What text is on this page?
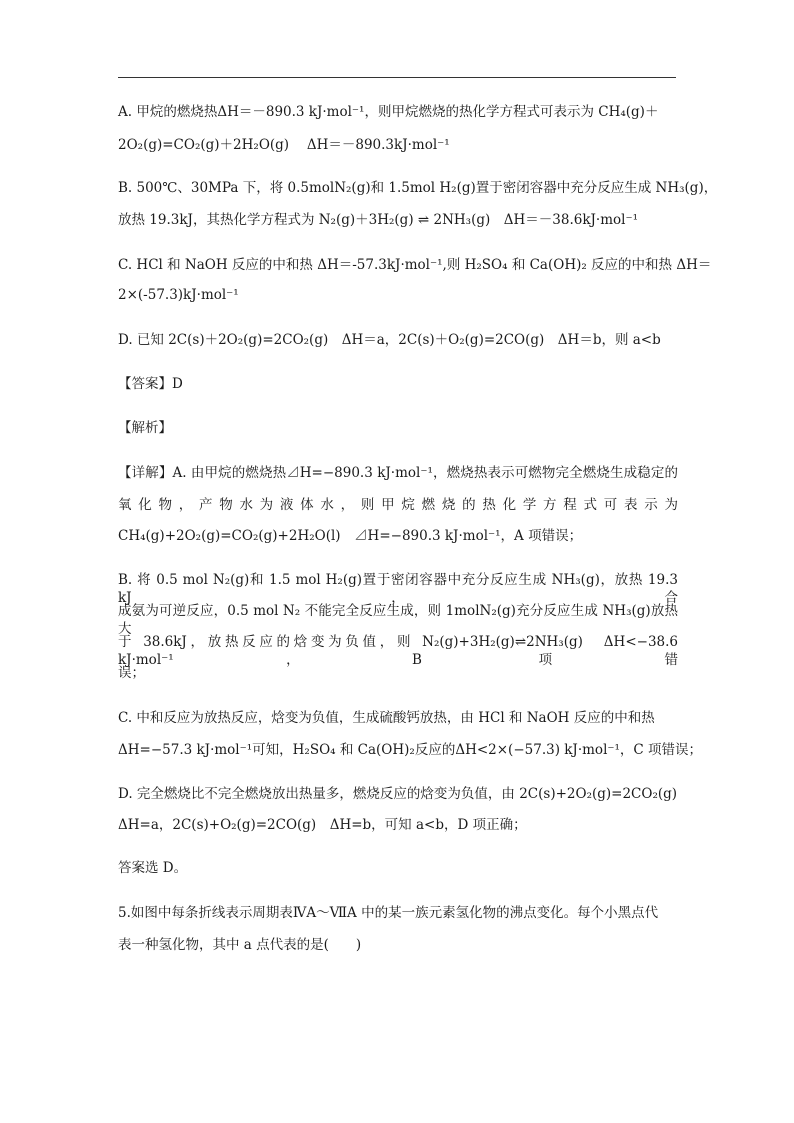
A. 甲烷的燃烧热ΔH＝－890.3 kJ·mol⁻¹，则甲烷燃烧的热化学方程式可表示为 CH₄(g)＋
2O₂(g)=CO₂(g)＋2H₂O(g)　 ΔH＝－890.3kJ·mol⁻¹
B. 500℃、30MPa 下，将 0.5molN₂(g)和 1.5mol H₂(g)置于密闭容器中充分反应生成 NH₃(g)，
放热 19.3kJ，其热化学方程式为 N₂(g)＋3H₂(g) ⇌ 2NH₃(g)　ΔH＝－38.6kJ·mol⁻¹
C. HCl 和 NaOH 反应的中和热 ΔH＝-57.3kJ·mol⁻¹,则 H₂SO₄ 和 Ca(OH)₂ 反应的中和热 ΔH＝
2×(-57.3)kJ·mol⁻¹
D. 已知 2C(s)＋2O₂(g)=2CO₂(g)　ΔH＝a，2C(s)＋O₂(g)=2CO(g)　ΔH＝b，则 a<b
【答案】D
【解析】
【详解】A. 由甲烷的燃烧热⊿H=−890.3 kJ·mol⁻¹，燃烧热表示可燃物完全燃烧生成稳定的
氧化物，产物水为液体水，则甲烷燃烧的热化学方程式可表示为
CH₄(g)+2O₂(g)=CO₂(g)+2H₂O(l)　⊿H=−890.3 kJ·mol⁻¹，A 项错误；
B. 将 0.5 mol N₂(g)和 1.5 mol H₂(g)置于密闭容器中充分反应生成 NH₃(g)，放热 19.3 kJ，合
成氨为可逆反应，0.5 mol N₂ 不能完全反应生成，则 1molN₂(g)充分反应生成 NH₃(g)放热大
于 38.6kJ，放热反应的焓变为负值，则 N₂(g)+3H₂(g)⇌2NH₃(g)　ΔH<−38.6 kJ·mol⁻¹，B 项错
误；
C. 中和反应为放热反应，焓变为负值，生成硫酸钙放热，由 HCl 和 NaOH 反应的中和热
ΔH=−57.3 kJ·mol⁻¹可知，H₂SO₄ 和 Ca(OH)₂反应的ΔH<2×(−57.3) kJ·mol⁻¹，C 项错误；
D. 完全燃烧比不完全燃烧放出热量多，燃烧反应的焓变为负值，由 2C(s)+2O₂(g)=2CO₂(g)
ΔH=a，2C(s)+O₂(g)=2CO(g)　ΔH=b，可知 a<b，D 项正确；
答案选 D。
5.如图中每条折线表示周期表ⅣA～ⅦA 中的某一族元素氢化物的沸点变化。每个小黑点代
表一种氢化物，其中 a 点代表的是(　　)
